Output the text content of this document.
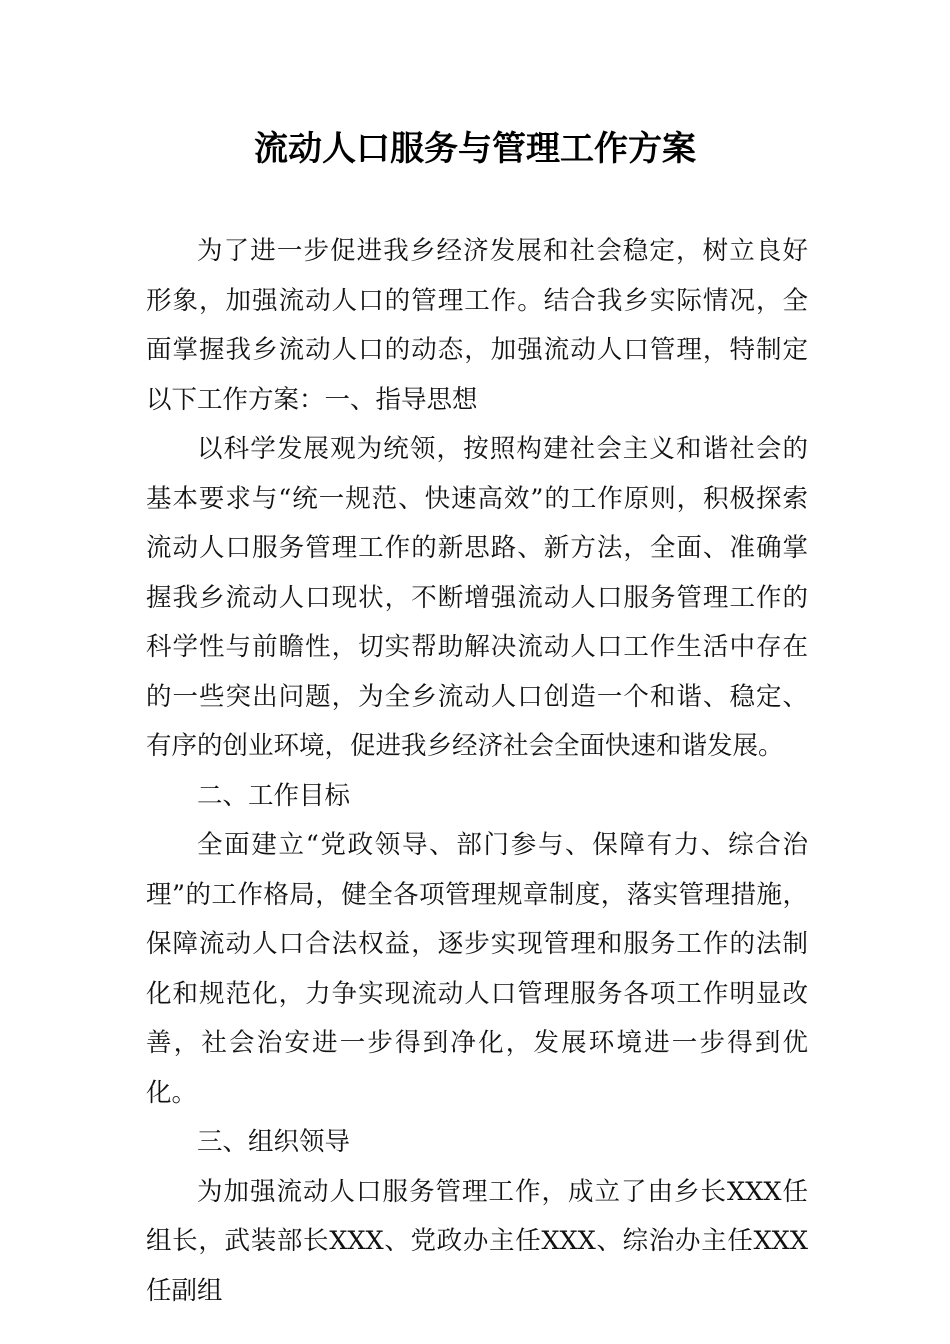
流动人口服务与管理工作方案

为了进一步促进我乡经济发展和社会稳定，树立良好形象，加强流动人口的管理工作。结合我乡实际情况，全面掌握我乡流动人口的动态，加强流动人口管理，特制定以下工作方案：一、指导思想

以科学发展观为统领，按照构建社会主义和谐社会的基本要求与“统一规范、快速高效”的工作原则，积极探索流动人口服务管理工作的新思路、新方法，全面、准确掌握我乡流动人口现状，不断增强流动人口服务管理工作的科学性与前瞻性，切实帮助解决流动人口工作生活中存在的一些突出问题，为全乡流动人口创造一个和谐、稳定、有序的创业环境，促进我乡经济社会全面快速和谐发展。

二、工作目标

全面建立“党政领导、部门参与、保障有力、综合治理”的工作格局，健全各项管理规章制度，落实管理措施，保障流动人口合法权益，逐步实现管理和服务工作的法制化和规范化，力争实现流动人口管理服务各项工作明显改善，社会治安进一步得到净化，发展环境进一步得到优化。

三、组织领导

为加强流动人口服务管理工作，成立了由乡长XXX任组长，武装部长XXX、党政办主任XXX、综治办主任XXX任副组
